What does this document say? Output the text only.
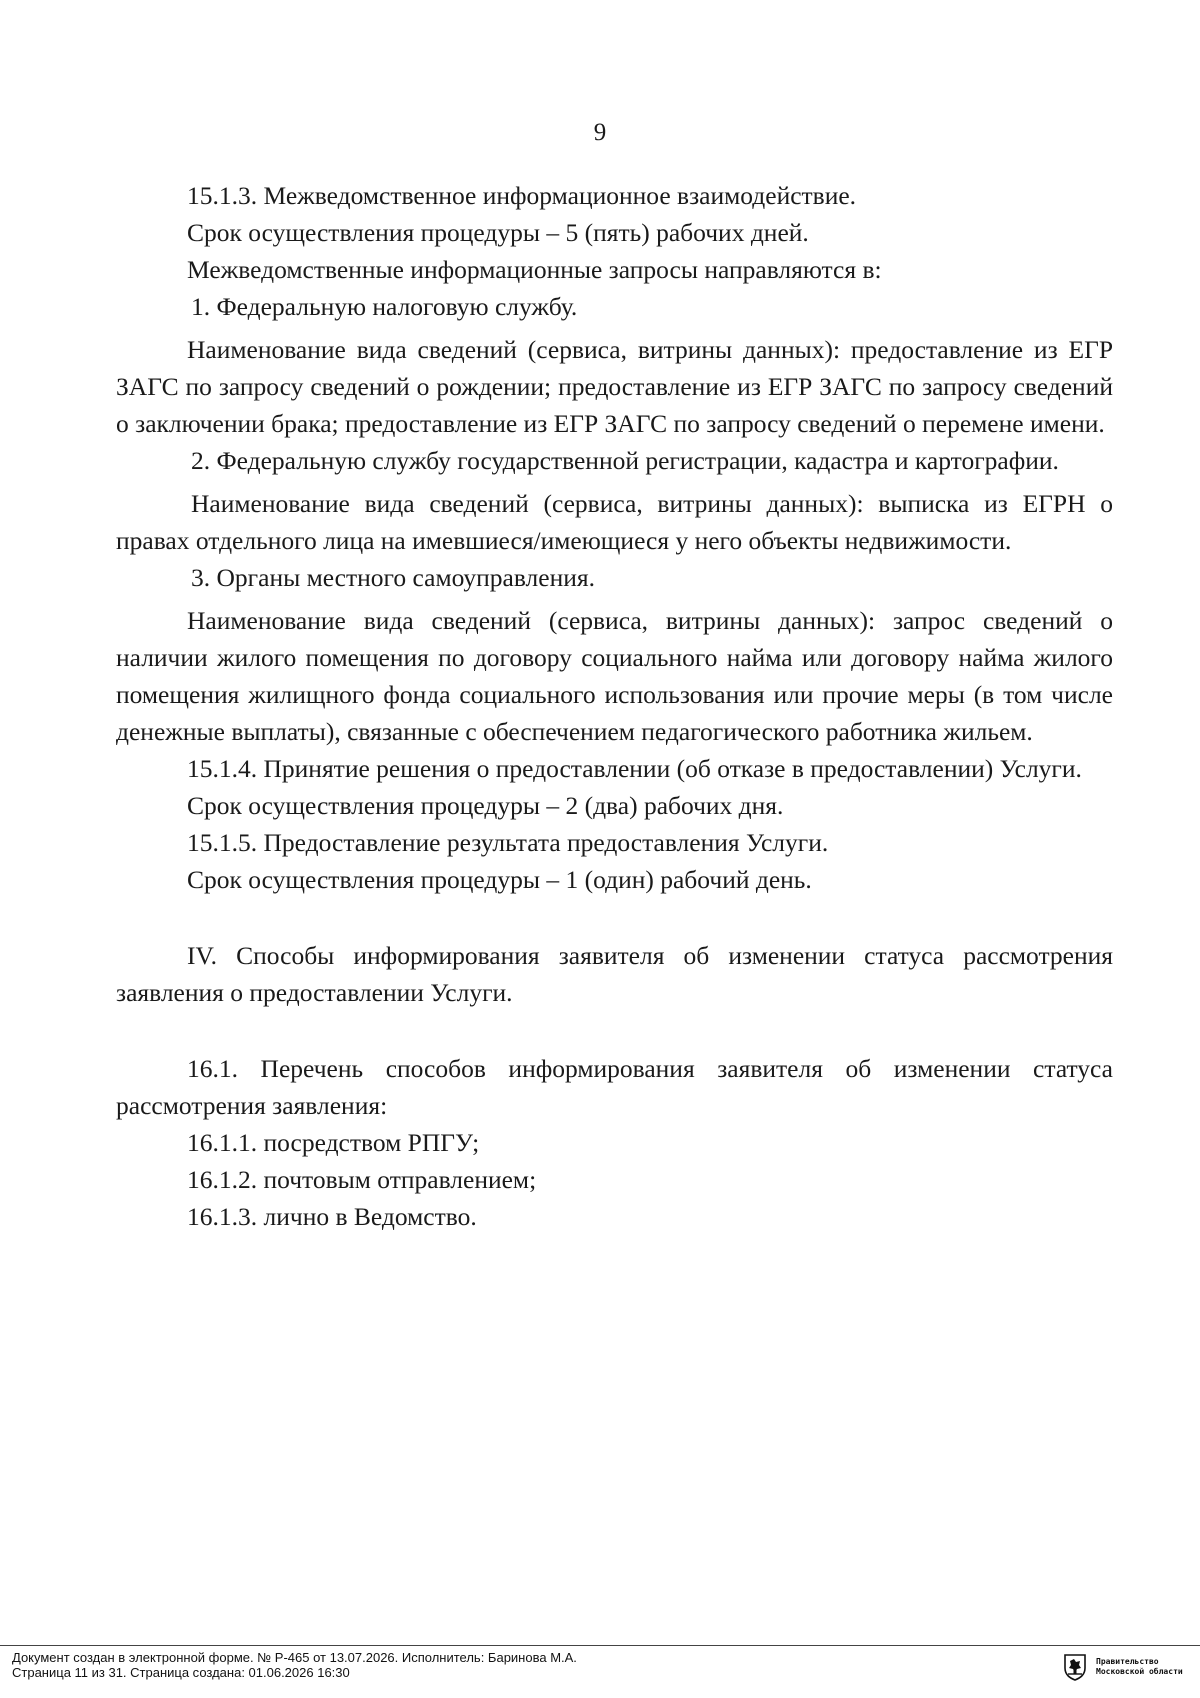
9

15.1.3. Межведомственное информационное взаимодействие.

Срок осуществления процедуры – 5 (пять) рабочих дней.

Межведомственные информационные запросы направляются в:

1. Федеральную налоговую службу.

Наименование вида сведений (сервиса, витрины данных): предоставление из ЕГР ЗАГС по запросу сведений о рождении; предоставление из ЕГР ЗАГС по запросу сведений о заключении брака; предоставление из ЕГР ЗАГС по запросу сведений о перемене имени.

2. Федеральную службу государственной регистрации, кадастра и картографии.

Наименование вида сведений (сервиса, витрины данных): выписка из ЕГРН о правах отдельного лица на имевшиеся/имеющиеся у него объекты недвижимости.

3. Органы местного самоуправления.

Наименование вида сведений (сервиса, витрины данных): запрос сведений о наличии жилого помещения по договору социального найма или договору найма жилого помещения жилищного фонда социального использования или прочие меры (в том числе денежные выплаты), связанные с обеспечением педагогического работника жильем.

15.1.4. Принятие решения о предоставлении (об отказе в предоставлении) Услуги.

Срок осуществления процедуры – 2 (два) рабочих дня.

15.1.5. Предоставление результата предоставления Услуги.

Срок осуществления процедуры – 1 (один) рабочий день.

IV. Способы информирования заявителя об изменении статуса рассмотрения заявления о предоставлении Услуги.

16.1. Перечень способов информирования заявителя об изменении статуса рассмотрения заявления:

16.1.1. посредством РПГУ;

16.1.2. почтовым отправлением;

16.1.3. лично в Ведомство.

Документ создан в электронной форме. № Р-465 от 13.07.2026. Исполнитель: Баринова М.А.
Страница 11 из 31. Страница создана: 01.06.2026 16:30
Правительство
Московской области
